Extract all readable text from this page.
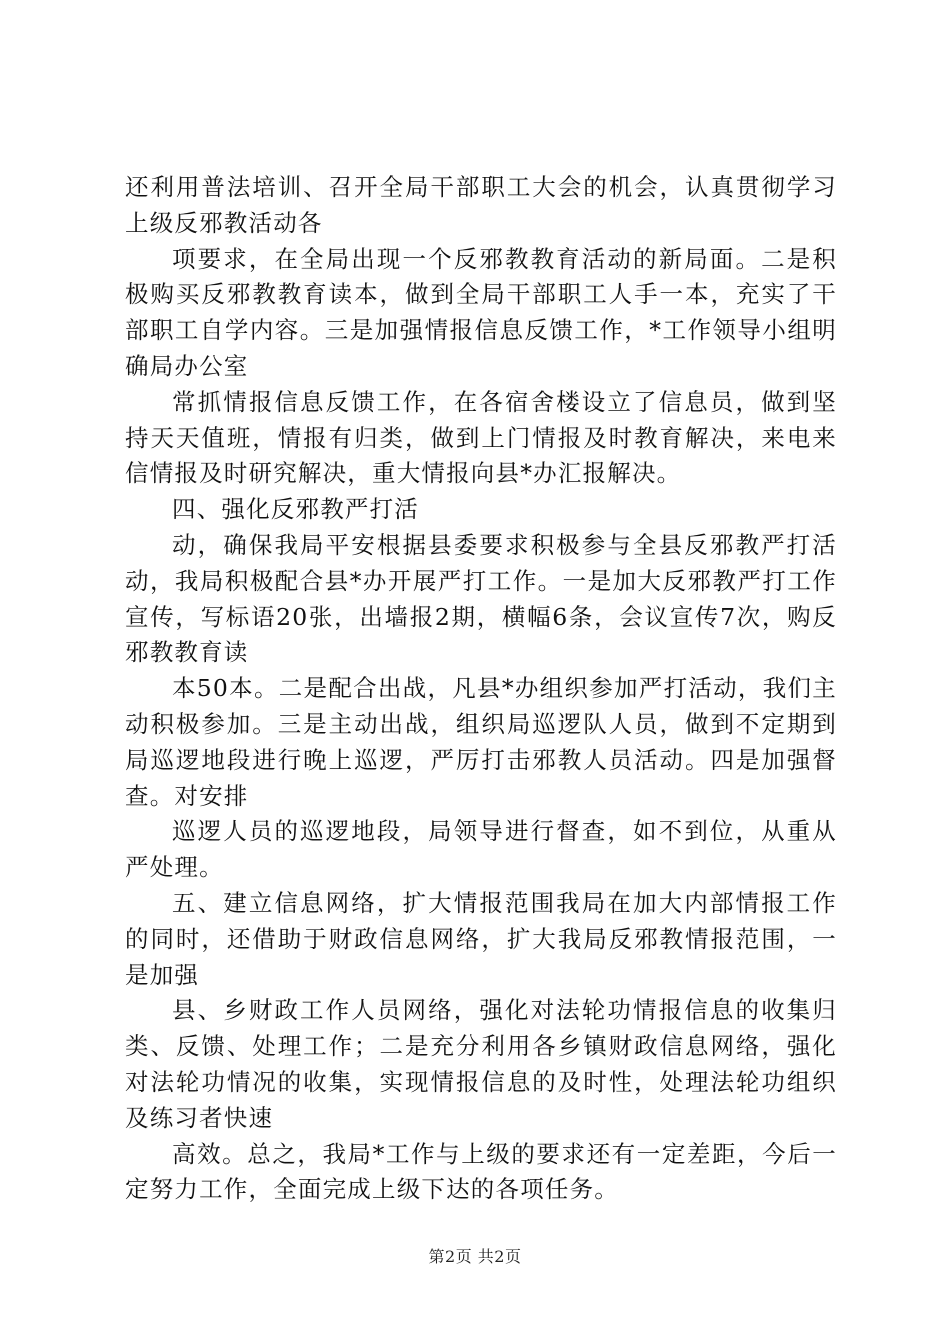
还利用普法培训、召开全局干部职工大会的机会，认真贯彻学习上级反邪教活动各

项要求，在全局出现一个反邪教教育活动的新局面。二是积极购买反邪教教育读本，做到全局干部职工人手一本，充实了干部职工自学内容。三是加强情报信息反馈工作，*工作领导小组明确局办公室

常抓情报信息反馈工作，在各宿舍楼设立了信息员，做到坚持天天值班，情报有归类，做到上门情报及时教育解决，来电来信情报及时研究解决，重大情报向县*办汇报解决。

四、强化反邪教严打活

动，确保我局平安根据县委要求积极参与全县反邪教严打活动，我局积极配合县*办开展严打工作。一是加大反邪教严打工作宣传，写标语20张，出墙报2期，横幅6条，会议宣传7次，购反邪教教育读

本50本。二是配合出战，凡县*办组织参加严打活动，我们主动积极参加。三是主动出战，组织局巡逻队人员，做到不定期到局巡逻地段进行晚上巡逻，严厉打击邪教人员活动。四是加强督查。对安排

巡逻人员的巡逻地段，局领导进行督查，如不到位，从重从严处理。

五、建立信息网络，扩大情报范围我局在加大内部情报工作的同时，还借助于财政信息网络，扩大我局反邪教情报范围，一是加强

县、乡财政工作人员网络，强化对法轮功情报信息的收集归类、反馈、处理工作；二是充分利用各乡镇财政信息网络，强化对法轮功情况的收集，实现情报信息的及时性，处理法轮功组织及练习者快速

高效。总之，我局*工作与上级的要求还有一定差距，今后一定努力工作，全面完成上级下达的各项任务。

第2页 共2页
